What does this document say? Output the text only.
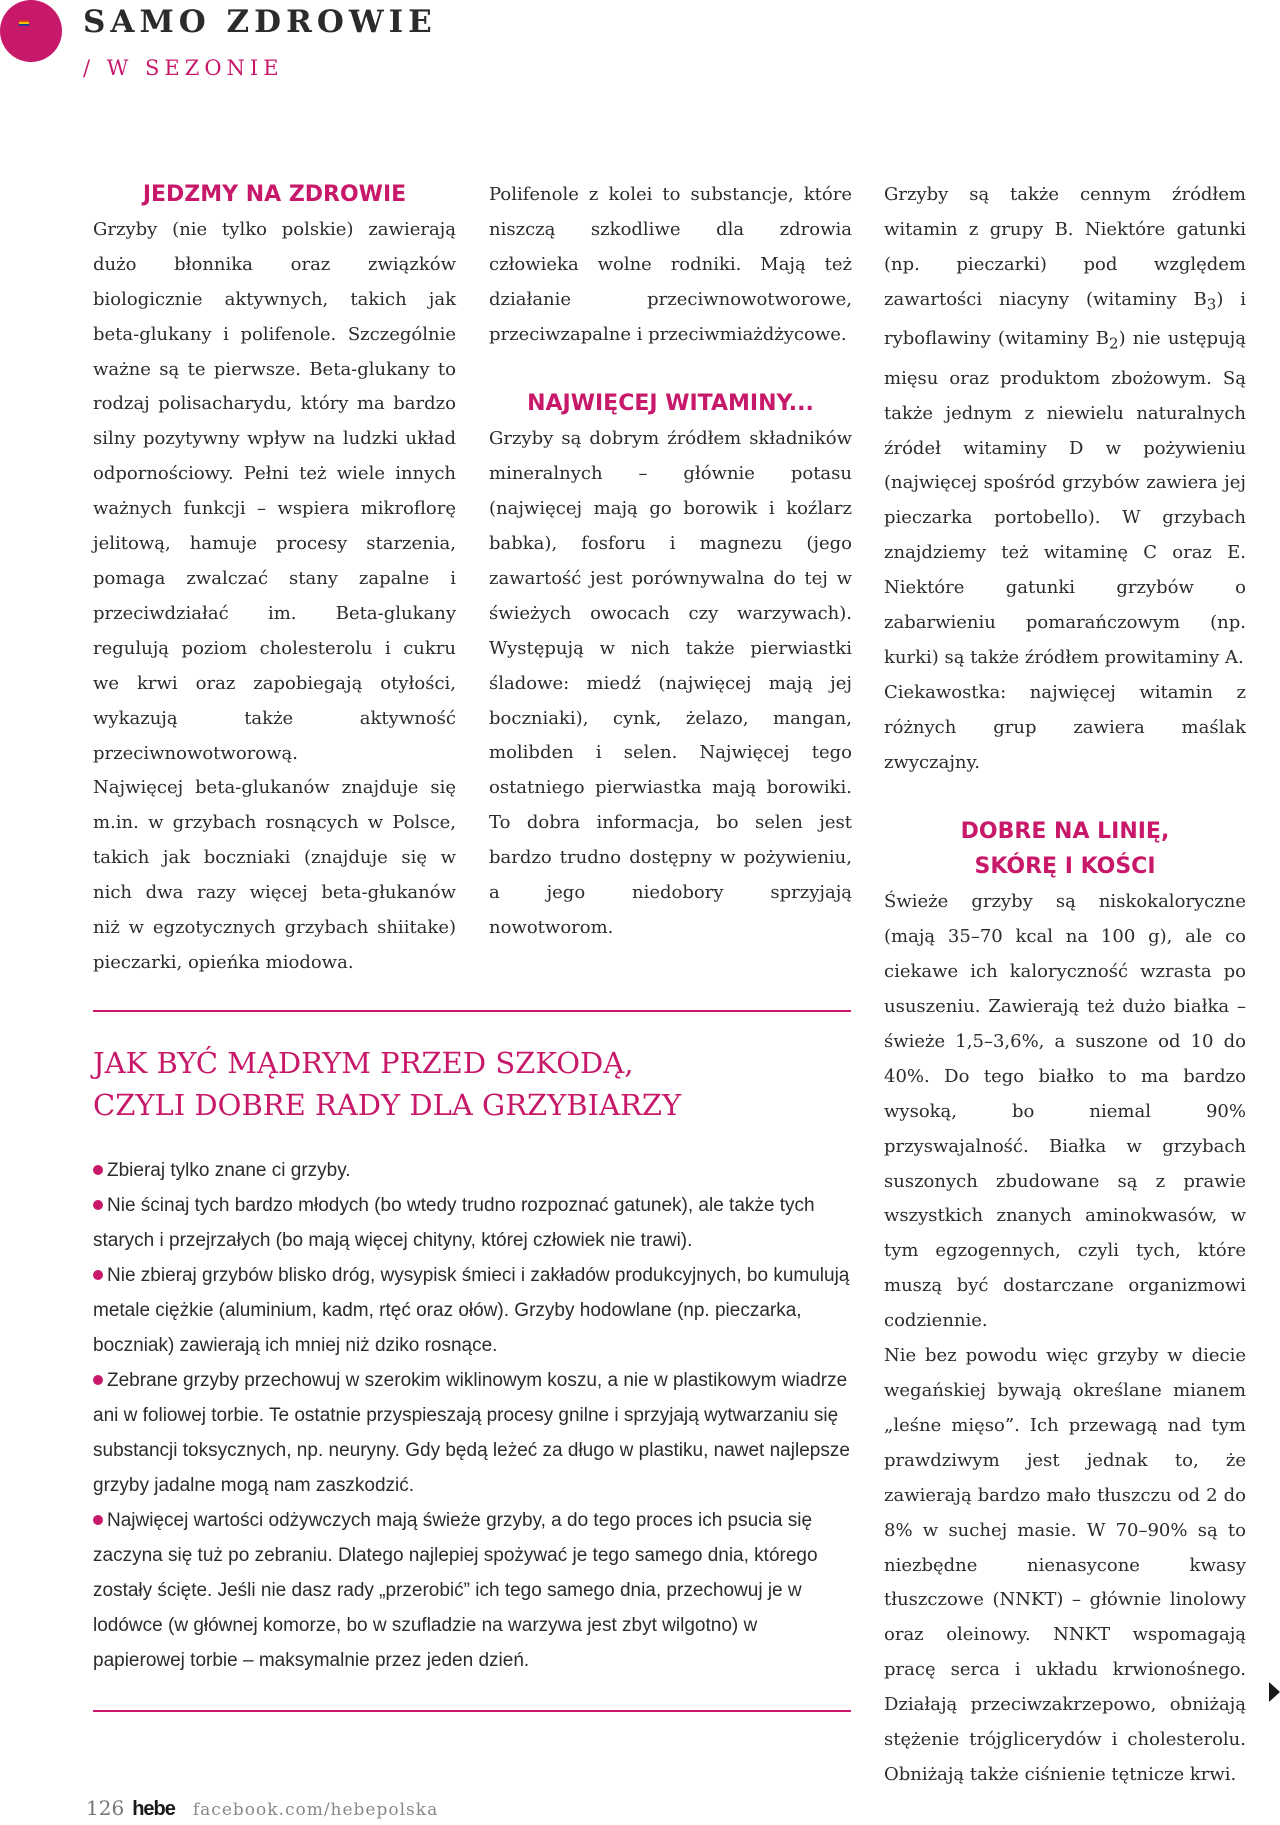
SAMO ZDROWIE
/ W SEZONIE
JEDZMY NA ZDROWIE

Grzyby (nie tylko polskie) zawierają dużo błonnika oraz związków biologicznie aktywnych, takich jak beta-glukany i polifenole. Szczególnie ważne są te pierwsze. Beta-glukany to rodzaj polisacharydu, który ma bardzo silny pozytywny wpływ na ludzki układ odpornościowy. Pełni też wiele innych ważnych funkcji – wspiera mikroflorę jelitową, hamuje procesy starzenia, pomaga zwalczać stany zapalne i przeciwdziałać im. Beta-glukany regulują poziom cholesterolu i cukru we krwi oraz zapobiegają otyłości, wykazują także aktywność przeciwnowotworową.

Najwięcej beta-glukanów znajduje się m.in. w grzybach rosnących w Polsce, takich jak boczniaki (znajduje się w nich dwa razy więcej beta-głukanów niż w egzotycznych grzybach shiitake) pieczarki, opieńka miodowa.

Polifenole z kolei to substancje, które niszczą szkodliwe dla zdrowia człowieka wolne rodniki. Mają też działanie przeciwnowotworowe, przeciwzapalne i przeciwmiażdżycowe.

NAJWIĘCEJ WITAMINY...

Grzyby są dobrym źródłem składników mineralnych – głównie potasu (najwięcej mają go borowik i koźlarz babka), fosforu i magnezu (jego zawartość jest porównywalna do tej w świeżych owocach czy warzywach). Występują w nich także pierwiastki śladowe: miedź (najwięcej mają jej boczniaki), cynk, żelazo, mangan, molibden i selen. Najwięcej tego ostatniego pierwiastka mają borowiki. To dobra informacja, bo selen jest bardzo trudno dostępny w pożywieniu, a jego niedobory sprzyjają nowotworom.

Grzyby są także cennym źródłem witamin z grupy B. Niektóre gatunki (np. pieczarki) pod względem zawartości niacyny (witaminy $B_3$) i ryboflawiny (witaminy $B_2$) nie ustępują mięsu oraz produktom zbożowym. Są także jednym z niewielu naturalnych źródeł witaminy D w pożywieniu (najwięcej spośród grzybów zawiera jej pieczarka portobello). W grzybach znajdziemy też witaminę C oraz E. Niektóre gatunki grzybów o zabarwieniu pomarańczowym (np. kurki) są także źródłem prowitaminy A.

Ciekawostka: najwięcej witamin z różnych grup zawiera maślak zwyczajny.

DOBRE NA LINIĘ,
SKÓRĘ I KOŚCI

Świeże grzyby są niskokaloryczne (mają 35–70 kcal na 100 g), ale co ciekawe ich kaloryczność wzrasta po ususzeniu. Zawierają też dużo białka – świeże 1,5–3,6%, a suszone od 10 do 40%. Do tego białko to ma bardzo wysoką, bo niemal 90% przyswajalność. Białka w grzybach suszonych zbudowane są z prawie wszystkich znanych aminokwasów, w tym egzogennych, czyli tych, które muszą być dostarczane organizmowi codziennie.

Nie bez powodu więc grzyby w diecie wegańskiej bywają określane mianem „leśne mięso”. Ich przewagą nad tym prawdziwym jest jednak to, że zawierają bardzo mało tłuszczu od 2 do 8% w suchej masie. W 70–90% są to niezbędne nienasycone kwasy tłuszczowe (NNKT) – głównie linolowy oraz oleinowy. NNKT wspomagają pracę serca i układu krwionośnego. Działają przeciwzakrzepowo, obniżają stężenie trójglicerydów i cholesterolu. Obniżają także ciśnienie tętnicze krwi.

JAK BYĆ MĄDRYM PRZED SZKODĄ,
CZYLI DOBRE RADY DLA GRZYBIARZY
Zbieraj tylko znane ci grzyby.
Nie ścinaj tych bardzo młodych (bo wtedy trudno rozpoznać gatunek), ale także tych starych i przejrzałych (bo mają więcej chityny, której człowiek nie trawi).
Nie zbieraj grzybów blisko dróg, wysypisk śmieci i zakładów produkcyjnych, bo kumulują metale ciężkie (aluminium, kadm, rtęć oraz ołów). Grzyby hodowlane (np. pieczarka, boczniak) zawierają ich mniej niż dziko rosnące.
Zebrane grzyby przechowuj w szerokim wiklinowym koszu, a nie w plastikowym wiadrze ani w foliowej torbie. Te ostatnie przyspieszają procesy gnilne i sprzyjają wytwarzaniu się substancji toksycznych, np. neuryny. Gdy będą leżeć za długo w plastiku, nawet najlepsze grzyby jadalne mogą nam zaszkodzić.
Najwięcej wartości odżywczych mają świeże grzyby, a do tego proces ich psucia się zaczyna się tuż po zebraniu. Dlatego najlepiej spożywać je tego samego dnia, którego zostały ścięte. Jeśli nie dasz rady „przerobić” ich tego samego dnia, przechowuj je w lodówce (w głównej komorze, bo w szufladzie na warzywa jest zbyt wilgotno) w papierowej torbie – maksymalnie przez jeden dzień.
126 hebe facebook.com/hebepolska
